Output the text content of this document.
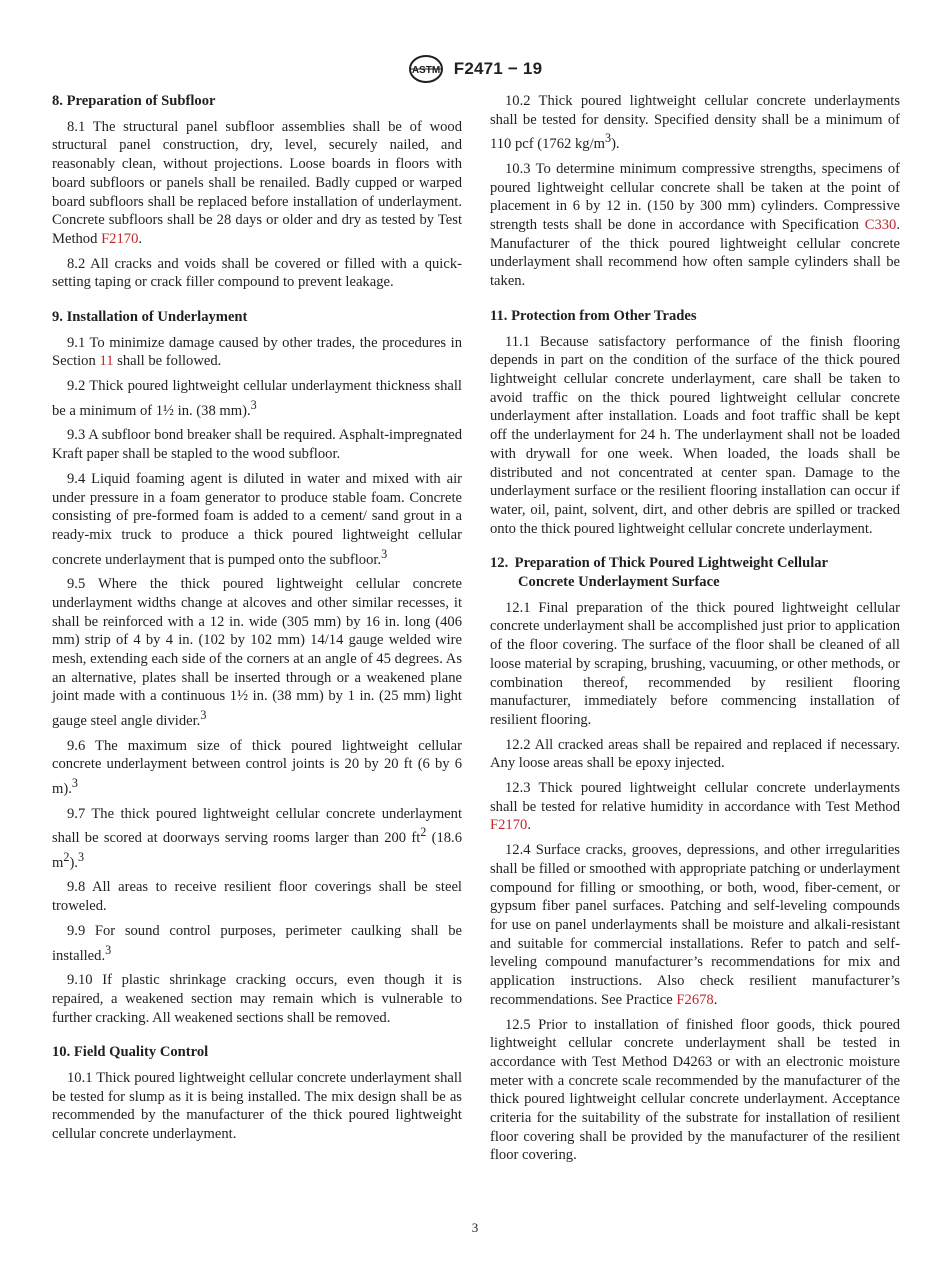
ASTM F2471 − 19
8. Preparation of Subfloor

8.1 The structural panel subfloor assemblies shall be of wood structural panel construction, dry, level, securely nailed, and reasonably clean, without projections. Loose boards in floors with board subfloors or panels shall be renailed. Badly cupped or warped board subfloors shall be replaced before installation of underlayment. Concrete subfloors shall be 28 days or older and dry as tested by Test Method F2170.

8.2 All cracks and voids shall be covered or filled with a quick-setting taping or crack filler compound to prevent leakage.

9. Installation of Underlayment

9.1 To minimize damage caused by other trades, the procedures in Section 11 shall be followed.

9.2 Thick poured lightweight cellular underlayment thickness shall be a minimum of 1½ in. (38 mm).$^3$

9.3 A subfloor bond breaker shall be required. Asphalt-impregnated Kraft paper shall be stapled to the wood subfloor.

9.4 Liquid foaming agent is diluted in water and mixed with air under pressure in a foam generator to produce stable foam. Concrete consisting of pre-formed foam is added to a cement/ sand grout in a ready-mix truck to produce a thick poured lightweight cellular concrete underlayment that is pumped onto the subfloor.$^3$

9.5 Where the thick poured lightweight cellular concrete underlayment widths change at alcoves and other similar recesses, it shall be reinforced with a 12 in. wide (305 mm) by 16 in. long (406 mm) strip of 4 by 4 in. (102 by 102 mm) 14/14 gauge welded wire mesh, extending each side of the corners at an angle of 45 degrees. As an alternative, plates shall be inserted through or a weakened plane joint made with a continuous 1½ in. (38 mm) by 1 in. (25 mm) light gauge steel angle divider.$^3$

9.6 The maximum size of thick poured lightweight cellular concrete underlayment between control joints is 20 by 20 ft (6 by 6 m).$^3$

9.7 The thick poured lightweight cellular concrete underlayment shall be scored at doorways serving rooms larger than 200 $ft^2$ (18.6 $m^2).^3$

9.8 All areas to receive resilient floor coverings shall be steel troweled.

9.9 For sound control purposes, perimeter caulking shall be installed.$^3$

9.10 If plastic shrinkage cracking occurs, even though it is repaired, a weakened section may remain which is vulnerable to further cracking. All weakened sections shall be removed.

10. Field Quality Control

10.1 Thick poured lightweight cellular concrete underlayment shall be tested for slump as it is being installed. The mix design shall be as recommended by the manufacturer of the thick poured lightweight cellular concrete underlayment.

10.2 Thick poured lightweight cellular concrete underlayments shall be tested for density. Specified density shall be a minimum of 110 pcf (1762 $kg/m^3$).

10.3 To determine minimum compressive strengths, specimens of poured lightweight cellular concrete shall be taken at the point of placement in 6 by 12 in. (150 by 300 mm) cylinders. Compressive strength tests shall be done in accordance with Specification C330. Manufacturer of the thick poured lightweight cellular concrete underlayment shall recommend how often sample cylinders shall be taken.

11. Protection from Other Trades

11.1 Because satisfactory performance of the finish flooring depends in part on the condition of the surface of the thick poured lightweight cellular concrete underlayment, care shall be taken to avoid traffic on the thick poured lightweight cellular concrete underlayment after installation. Loads and foot traffic shall be kept off the underlayment for 24 h. The underlayment shall not be loaded with drywall for one week. When loaded, the loads shall be distributed and not concentrated at center span. Damage to the underlayment surface or the resilient flooring installation can occur if water, oil, paint, solvent, dirt, and other debris are spilled or tracked onto the thick poured lightweight cellular concrete underlayment.

12. Preparation of Thick Poured Lightweight Cellular
Concrete Underlayment Surface

12.1 Final preparation of the thick poured lightweight cellular concrete underlayment shall be accomplished just prior to application of the floor covering. The surface of the floor shall be cleaned of all loose material by scraping, brushing, vacuuming, or other methods, or combination thereof, recommended by resilient flooring manufacturer, immediately before commencing installation of resilient flooring.

12.2 All cracked areas shall be repaired and replaced if necessary. Any loose areas shall be epoxy injected.

12.3 Thick poured lightweight cellular concrete underlayments shall be tested for relative humidity in accordance with Test Method F2170.

12.4 Surface cracks, grooves, depressions, and other irregularities shall be filled or smoothed with appropriate patching or underlayment compound for filling or smoothing, or both, wood, fiber-cement, or gypsum fiber panel surfaces. Patching and self-leveling compounds for use on panel underlayments shall be moisture and alkali-resistant and suitable for commercial installations. Refer to patch and self-leveling compound manufacturer’s recommendations for mix and application instructions. Also check resilient manufacturer’s recommendations. See Practice F2678.

12.5 Prior to installation of finished floor goods, thick poured lightweight cellular concrete underlayment shall be tested in accordance with Test Method D4263 or with an electronic moisture meter with a concrete scale recommended by the manufacturer of the thick poured lightweight cellular concrete underlayment. Acceptance criteria for the suitability of the substrate for installation of resilient floor covering shall be provided by the manufacturer of the resilient floor covering.

3
